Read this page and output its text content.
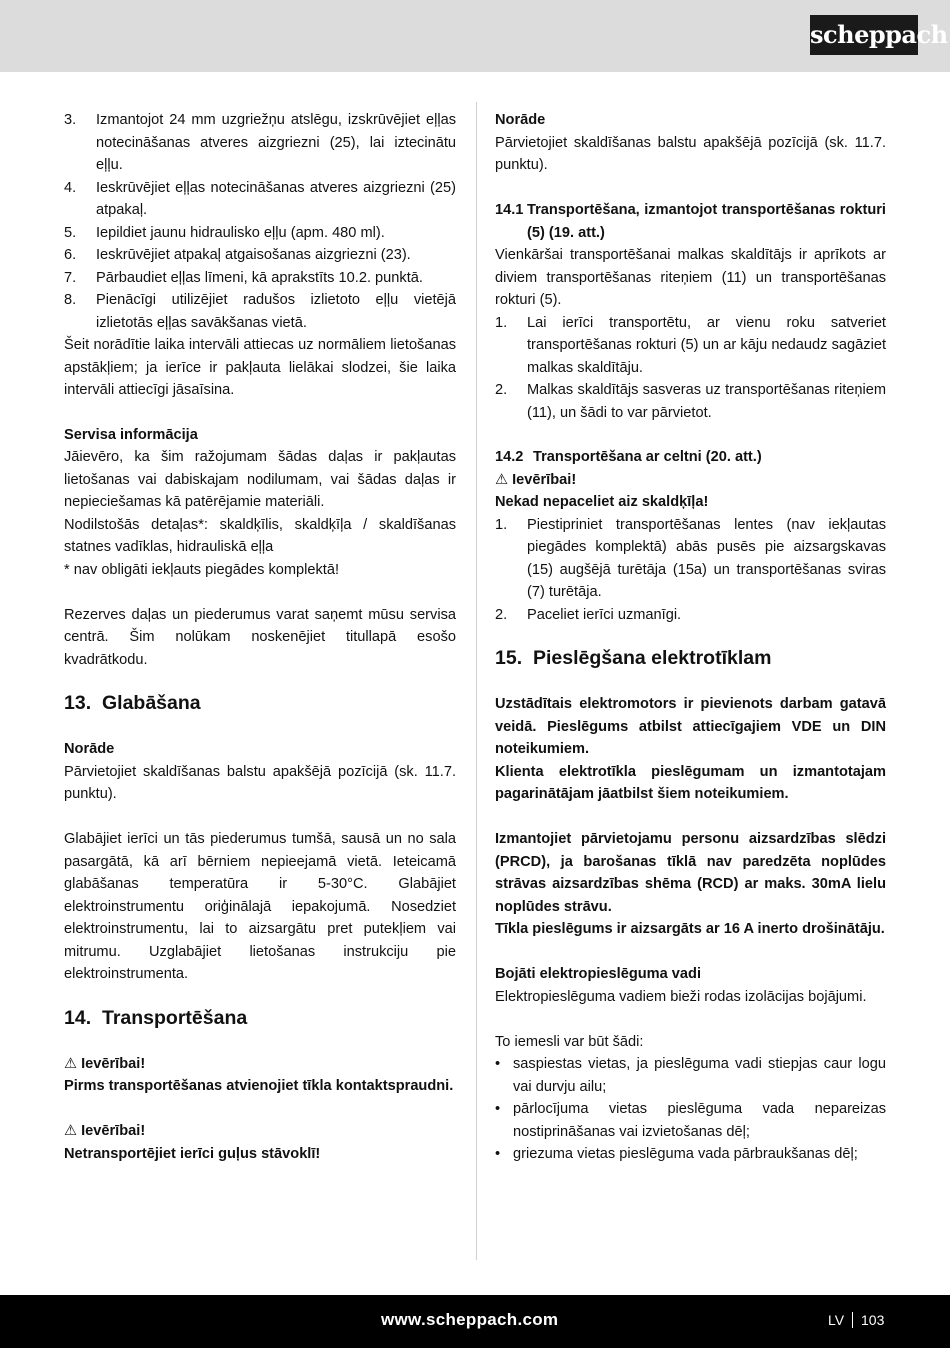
scheppach
3. Izmantojot 24 mm uzgriežņu atslēgu, izskrūvējiet eļļas notecināšanas atveres aizgriezni (25), lai iztecinātu eļļu.
4. Ieskrūvējiet eļļas notecināšanas atveres aizgriezni (25) atpakaļ.
5. Iepildiet jaunu hidraulisko eļļu (apm. 480 ml).
6. Ieskrūvējiet atpakaļ atgaisošanas aizgriezni (23).
7. Pārbaudiet eļļas līmeni, kā aprakstīts 10.2. punktā.
8. Pienācīgi utilizējiet radušos izlietoto eļļu vietējā izlietotās eļļas savākšanas vietā.

Šeit norādītie laika intervāli attiecas uz normāliem lietošanas apstākļiem; ja ierīce ir pakļauta lielākai slodzei, šie laika intervāli attiecīgi jāsaīsina.

Servisa informācija

Jāievēro, ka šim ražojumam šādas daļas ir pakļautas lietošanas vai dabiskajam nodilumam, vai šādas daļas ir nepieciešamas kā patērējamie materiāli.

Nodilstošās detaļas*: skaldķīlis, skaldķīļa / skaldīšanas statnes vadīklas, hidrauliskā eļļa

* nav obligāti iekļauts piegādes komplektā!

Rezerves daļas un piederumus varat saņemt mūsu servisa centrā. Šim nolūkam noskenējiet titullapā esošo kvadrātkodu.

13. Glabāšana

Norāde

Pārvietojiet skaldīšanas balstu apakšējā pozīcijā (sk. 11.7. punktu).

Glabājiet ierīci un tās piederumus tumšā, sausā un no sala pasargātā, kā arī bērniem nepieejamā vietā. Ieteicamā glabāšanas temperatūra ir 5-30°C. Glabājiet elektroinstrumentu oriģinālajā iepakojumā. Nosedziet elektroinstrumentu, lai to aizsargātu pret putekļiem vai mitrumu. Uzglabājiet lietošanas instrukciju pie elektroinstrumenta.

14. Transportēšana

⚠ Ievērībai!

Pirms transportēšanas atvienojiet tīkla kontaktspraudni.

⚠ Ievērībai!

Netransportējiet ierīci guļus stāvoklī!

Norāde

Pārvietojiet skaldīšanas balstu apakšējā pozīcijā (sk. 11.7. punktu).

14.1 Transportēšana, izmantojot transportēšanas rokturi (5) (19. att.)

Vienkāršai transportēšanai malkas skaldītājs ir aprīkots ar diviem transportēšanas riteņiem (11) un transportēšanas rokturi (5).

1. Lai ierīci transportētu, ar vienu roku satveriet transportēšanas rokturi (5) un ar kāju nedaudz sagāziet malkas skaldītāju.
2. Malkas skaldītājs sasveras uz transportēšanas riteņiem (11), un šādi to var pārvietot.
14.2 Transportēšana ar celtni (20. att.)

⚠ Ievērībai!

Nekad nepaceliet aiz skaldķīļa!

1. Piestipriniet transportēšanas lentes (nav iekļautas piegādes komplektā) abās pusēs pie aizsargskavas (15) augšējā turētāja (15a) un transportēšanas sviras (7) turētāja.
2. Paceliet ierīci uzmanīgi.

15. Pieslēgšana elektrotīklam

Uzstādītais elektromotors ir pievienots darbam gatavā veidā. Pieslēgums atbilst attiecīgajiem VDE un DIN noteikumiem.

Klienta elektrotīkla pieslēgumam un izmantotajam pagarinātājam jāatbilst šiem noteikumiem.

Izmantojiet pārvietojamu personu aizsardzības slēdzi (PRCD), ja barošanas tīklā nav paredzēta noplūdes strāvas aizsardzības shēma (RCD) ar maks. 30mA lielu noplūdes strāvu.

Tīkla pieslēgums ir aizsargāts ar 16 A inerto drošinātāju.

Bojāti elektropieslēguma vadi

Elektropieslēguma vadiem bieži rodas izolācijas bojājumi.

To iemesli var būt šādi:

• saspiestas vietas, ja pieslēguma vadi stiepjas caur logu vai durvju ailu;
• pārlocījuma vietas pieslēguma vada nepareizas nostiprināšanas vai izvietošanas dēļ;
• griezuma vietas pieslēguma vada pārbraukšanas dēļ;
www.scheppach.com	LV 103
